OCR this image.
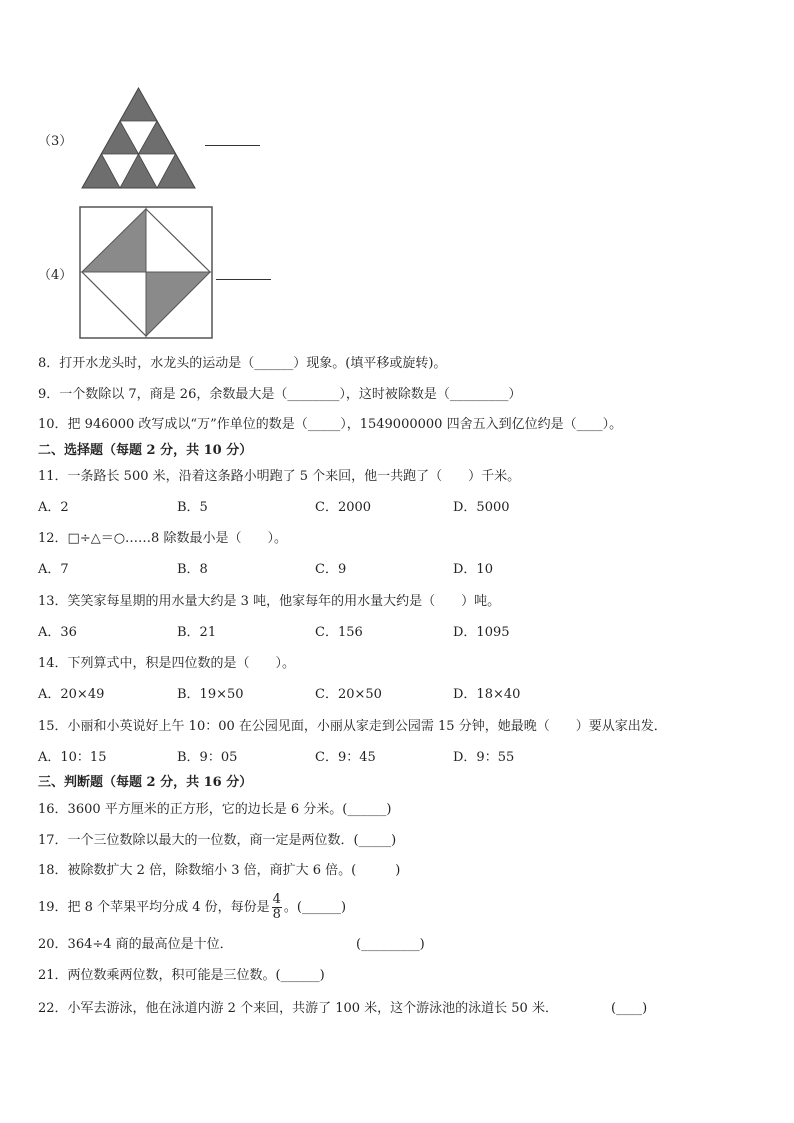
（3）
（4）
8．打开水龙头时，水龙头的运动是（______）现象。(填平移或旋转)。
9．一个数除以 7，商是 26，余数最大是（________），这时被除数是（_________）
10．把 946000 改写成以“万”作单位的数是（_____），1549000000 四舍五入到亿位约是（____）。
二、选择题（每题 2 分，共 10 分）
11．一条路长 500 米，沿着这条路小明跑了 5 个来回，他一共跑了（　　）千米。
A．2	B．5	C．2000	D．5000
12．□÷△＝○……8 除数最小是（　　）。
A．7	B．8	C．9	D．10
13．笑笑家每星期的用水量大约是 3 吨，他家每年的用水量大约是（　　）吨。
A．36	B．21	C．156	D．1095
14．下列算式中，积是四位数的是（　　）。
A．20×49	B．19×50	C．20×50	D．18×40
15．小丽和小英说好上午 10：00 在公园见面，小丽从家走到公园需 15 分钟，她最晚（　　）要从家出发．
A．10：15	B．9：05	C．9：45	D．9：55
三、判断题（每题 2 分，共 16 分）
16．3600 平方厘米的正方形，它的边长是 6 分米。(______)
17．一个三位数除以最大的一位数，商一定是两位数．(_____)
18．被除数扩大 2 倍，除数缩小 3 倍，商扩大 6 倍。(　　　)
19．把 8 个苹果平均分成 4 份，每份是 $\frac{4}{8}$ 。(______)
20．364÷4 商的最高位是十位．	(_________)
21．两位数乘两位数，积可能是三位数。(______)
22．小军去游泳，他在泳道内游 2 个来回，共游了 100 米，这个游泳池的泳道长 50 米．	(____)
